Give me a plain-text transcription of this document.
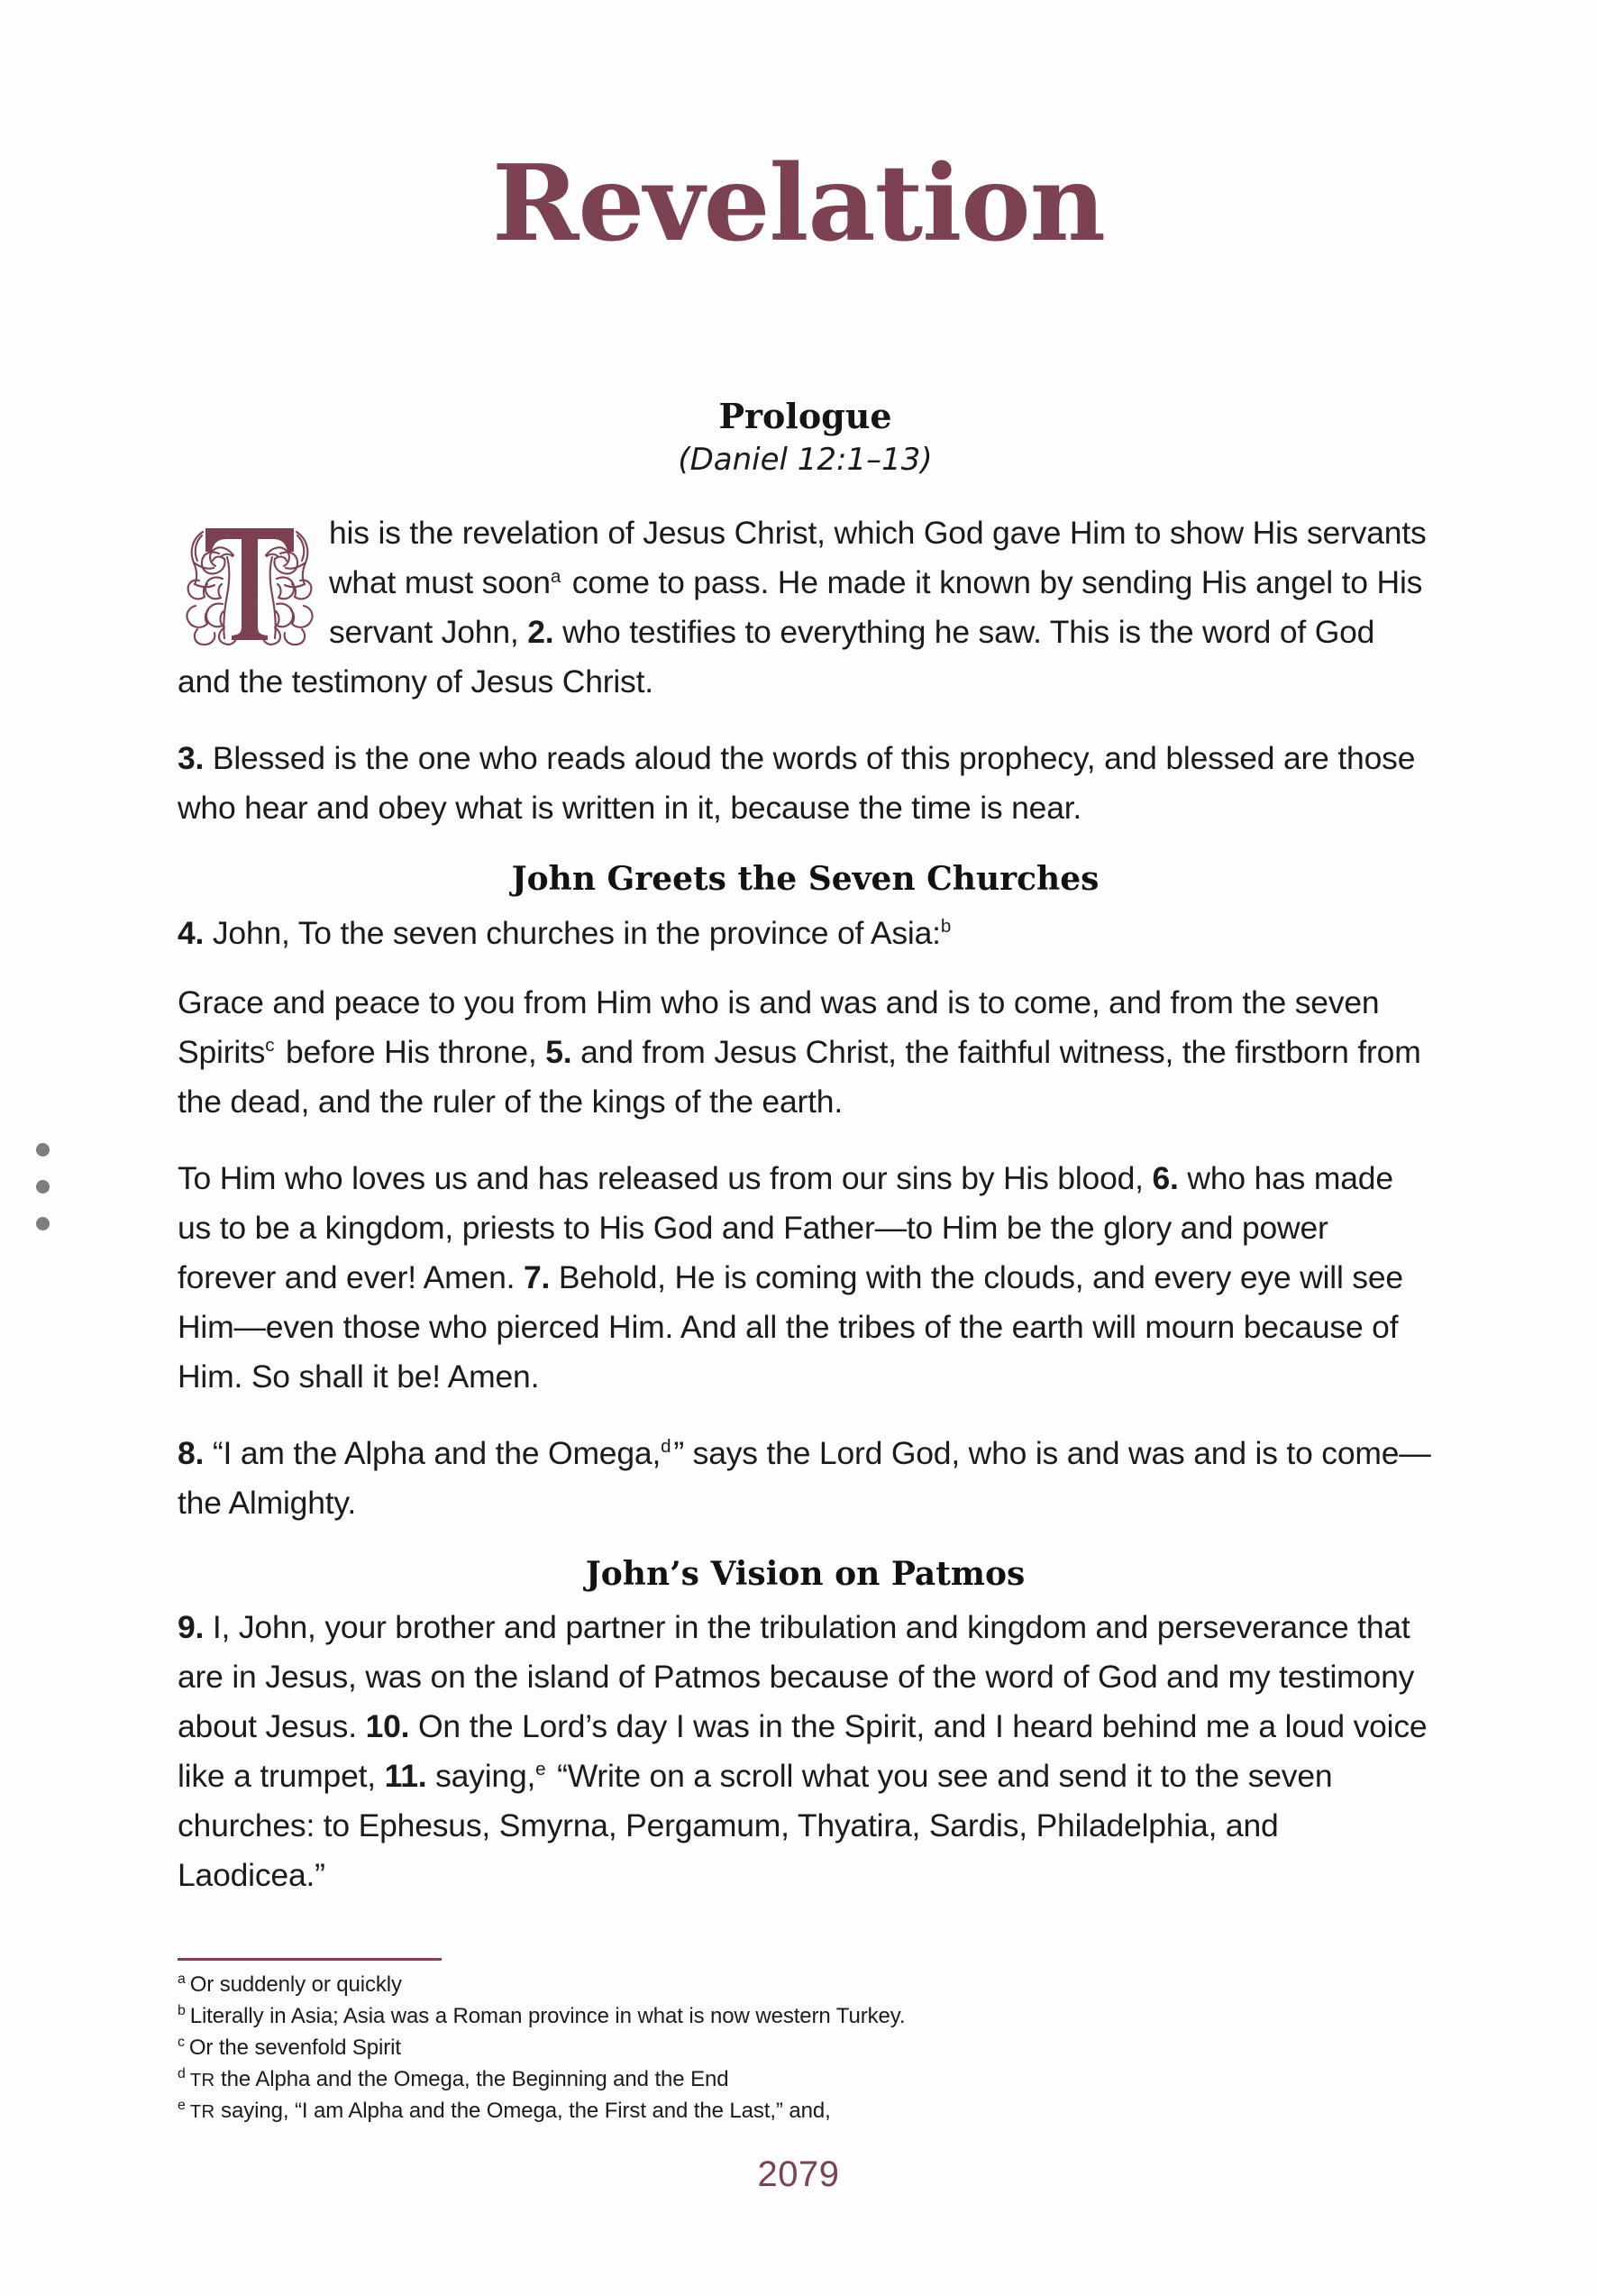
Revelation
Prologue
(Daniel 12:1–13)

his is the revelation of Jesus Christ, which God gave Him to show His servants what must soon$^a$ come to pass. He made it known by sending His angel to His servant John, 2. who testifies to everything he saw. This is the word of God and the testimony of Jesus Christ.

3. Blessed is the one who reads aloud the words of this prophecy, and blessed are those who hear and obey what is written in it, because the time is near.

John Greets the Seven Churches

4. John, To the seven churches in the province of Asia:$^b$

Grace and peace to you from Him who is and was and is to come, and from the seven Spirits$^c$ before His throne, 5. and from Jesus Christ, the faithful witness, the firstborn from the dead, and the ruler of the kings of the earth.

To Him who loves us and has released us from our sins by His blood, 6. who has made us to be a kingdom, priests to His God and Father—to Him be the glory and power forever and ever! Amen. 7. Behold, He is coming with the clouds, and every eye will see Him—even those who pierced Him. And all the tribes of the earth will mourn because of Him. So shall it be! Amen.

8. “I am the Alpha and the Omega,$^d$” says the Lord God, who is and was and is to come—the Almighty.

John’s Vision on Patmos

9. I, John, your brother and partner in the tribulation and kingdom and perseverance that are in Jesus, was on the island of Patmos because of the word of God and my testimony about Jesus. 10. On the Lord’s day I was in the Spirit, and I heard behind me a loud voice like a trumpet, 11. saying,$^e$ “Write on a scroll what you see and send it to the seven churches: to Ephesus, Smyrna, Pergamum, Thyatira, Sardis, Philadelphia, and Laodicea.”

$^a$ Or suddenly or quickly
$^b$ Literally in Asia; Asia was a Roman province in what is now western Turkey.
$^c$ Or the sevenfold Spirit
$^d$ TR the Alpha and the Omega, the Beginning and the End
$^e$ TR saying, “I am Alpha and the Omega, the First and the Last,” and,
2079
